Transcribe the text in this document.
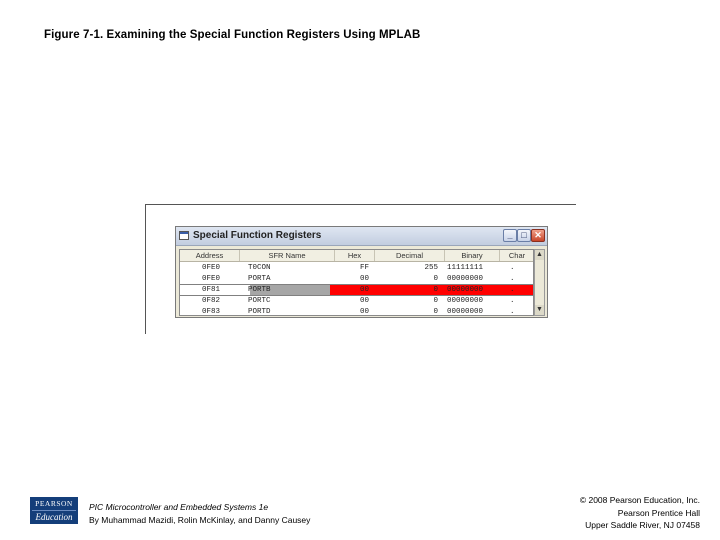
Figure 7-1. Examining the Special Function Registers Using MPLAB
Special Function Registers	_ □ ✕
Address	SFR Name	Hex	Decimal	Binary	Char
0FE0	T0CON	FF	255 11111111	.
0FE0	PORTA	00	0 00000000	.
0F81	PORTB	00	0 00000000	.
0F82	PORTC	00	0 00000000	.
0F83	PORTD	00	0 00000000	.
▲
▼
PEARSON
Education
PIC Microcontroller and Embedded Systems 1e
By Muhammad Mazidi, Rolin McKinlay, and Danny Causey
© 2008 Pearson Education, Inc.
Pearson Prentice Hall
Upper Saddle River, NJ 07458
